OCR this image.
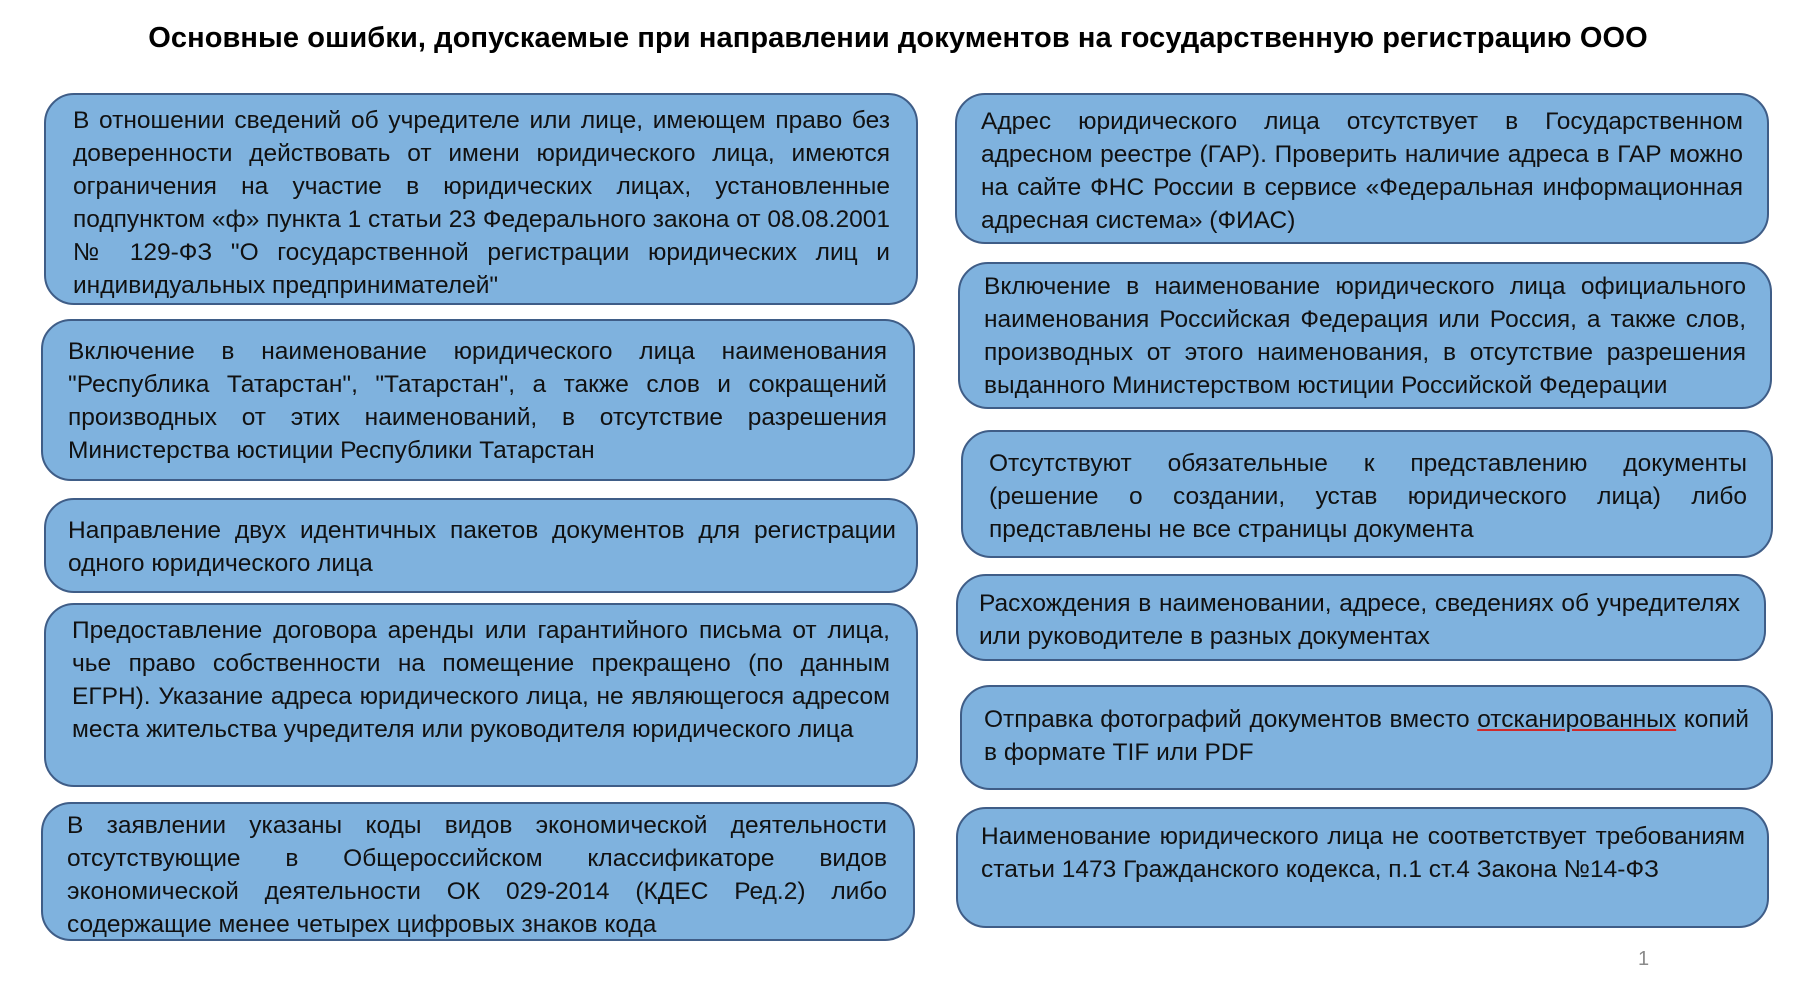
Основные ошибки, допускаемые при направлении документов на государственную регистрацию ООО
В отношении сведений об учредителе или лице, имеющем право без доверенности действовать от имени юридического лица, имеются ограничения на участие в юридических лицах, установленные подпунктом «ф» пункта 1 статьи 23 Федерального закона от 08.08.2001 № 129-ФЗ "О государственной регистрации юридических лиц и индивидуальных предпринимателей"
Включение в наименование юридического лица наименования "Республика Татарстан", "Татарстан", а также слов и сокращений производных от этих наименований, в отсутствие разрешения Министерства юстиции Республики Татарстан
Направление двух идентичных пакетов документов для регистрации одного юридического лица
Предоставление договора аренды или гарантийного письма от лица, чье право собственности на помещение прекращено (по данным ЕГРН). Указание адреса юридического лица, не являющегося адресом места жительства учредителя или руководителя юридического лица
В заявлении указаны коды видов экономической деятельности отсутствующие в Общероссийском классификаторе видов экономической деятельности ОК 029-2014 (КДЕС Ред.2) либо содержащие менее четырех цифровых знаков кода
Адрес юридического лица отсутствует в Государственном адресном реестре (ГАР). Проверить наличие адреса в ГАР можно на сайте ФНС России в сервисе «Федеральная информационная адресная система» (ФИАС)
Включение в наименование юридического лица официального наименования Российская Федерация или Россия, а также слов, производных от этого наименования, в отсутствие разрешения выданного Министерством юстиции Российской Федерации
Отсутствуют обязательные к представлению документы (решение о создании, устав юридического лица) либо представлены не все страницы документа
Расхождения в наименовании, адресе, сведениях об учредителях или руководителе в разных документах
Отправка фотографий документов вместо отсканированных копий в формате TIF или PDF
Наименование юридического лица не соответствует требованиям статьи 1473 Гражданского кодекса, п.1 ст.4 Закона №14-ФЗ
1
